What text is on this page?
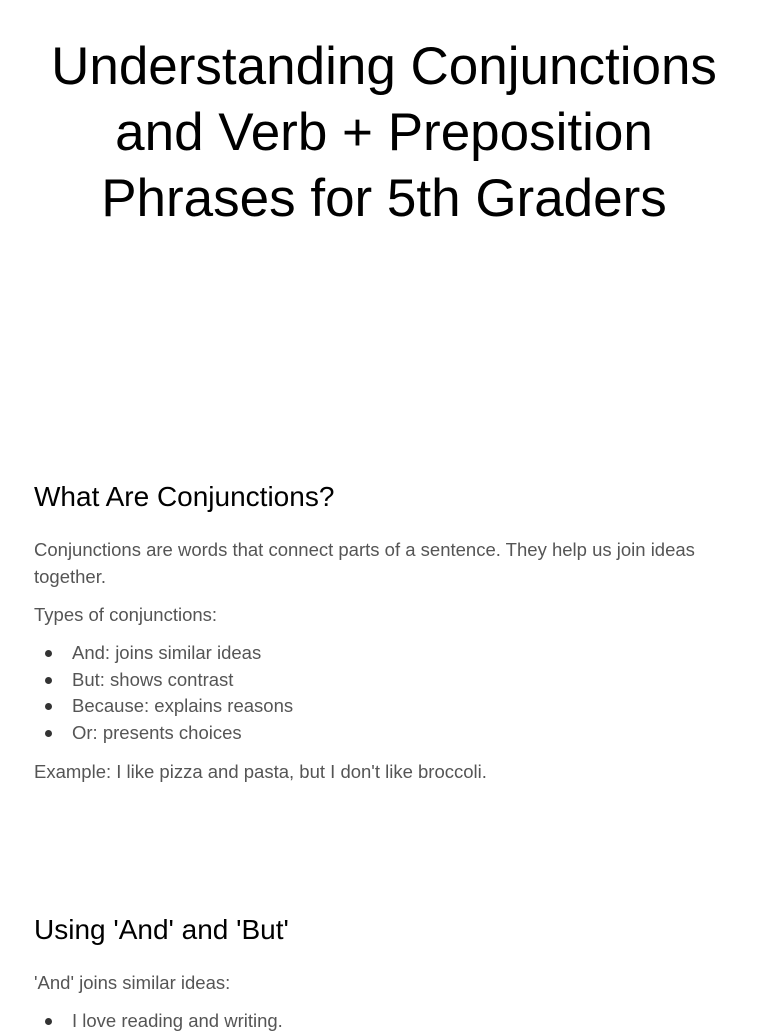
Understanding Conjunctions and Verb + Preposition Phrases for 5th Graders
What Are Conjunctions?

Conjunctions are words that connect parts of a sentence. They help us join ideas together.

Types of conjunctions:

And: joins similar ideas
But: shows contrast
Because: explains reasons
Or: presents choices

Example: I like pizza and pasta, but I don't like broccoli.

Using 'And' and 'But'

'And' joins similar ideas:

I love reading and writing.
